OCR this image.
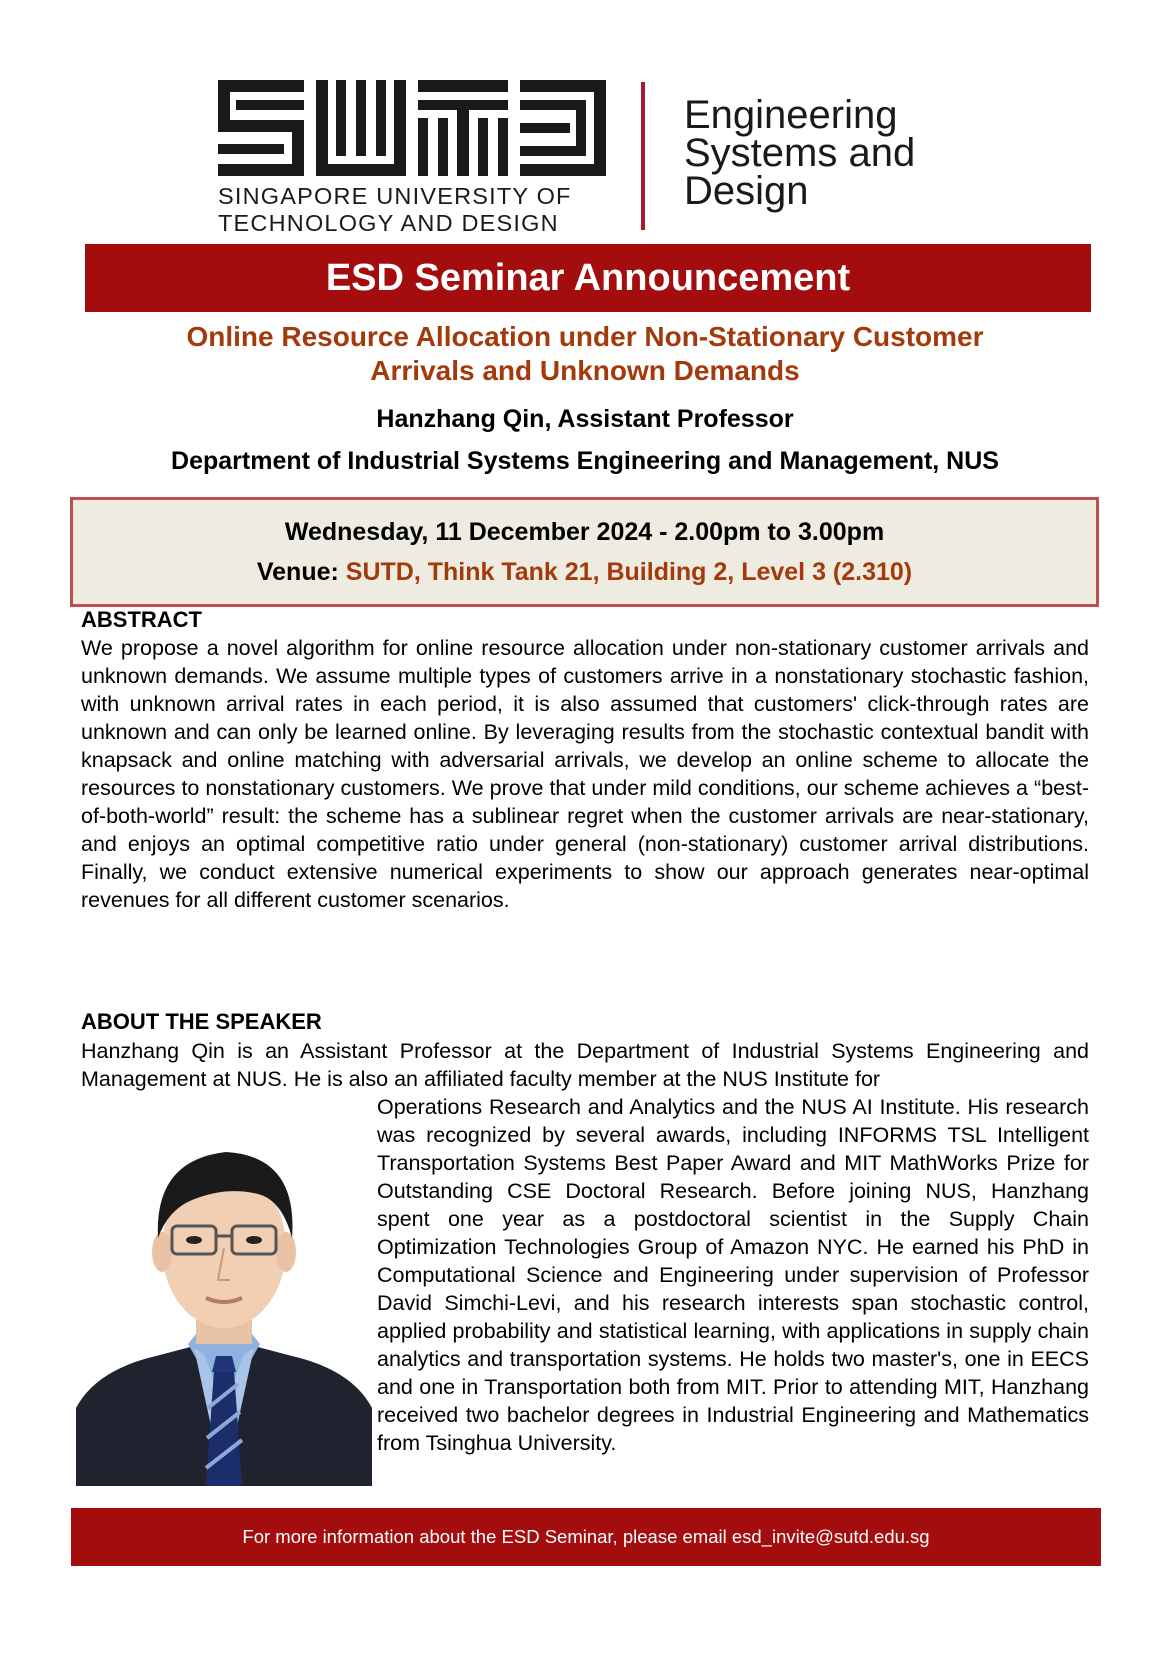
SINGAPORE UNIVERSITY OF
TECHNOLOGY AND DESIGN
Engineering
Systems and
Design
ESD Seminar Announcement
Online Resource Allocation under Non-Stationary Customer
Arrivals and Unknown Demands
Hanzhang Qin, Assistant Professor
Department of Industrial Systems Engineering and Management, NUS
Wednesday, 11 December 2024 - 2.00pm to 3.00pm
Venue: SUTD, Think Tank 21, Building 2, Level 3 (2.310)
ABSTRACT

We propose a novel algorithm for online resource allocation under non-stationary customer arrivals and unknown demands. We assume multiple types of customers arrive in a nonstationary stochastic fashion, with unknown arrival rates in each period, it is also assumed that customers' click-through rates are unknown and can only be learned online. By leveraging results from the stochastic contextual bandit with knapsack and online matching with adversarial arrivals, we develop an online scheme to allocate the resources to nonstationary customers. We prove that under mild conditions, our scheme achieves a “best-of-both-world” result: the scheme has a sublinear regret when the customer arrivals are near-stationary, and enjoys an optimal competitive ratio under general (non-stationary) customer arrival distributions. Finally, we conduct extensive numerical experiments to show our approach generates near-optimal revenues for all different customer scenarios.

ABOUT THE SPEAKER

Hanzhang Qin is an Assistant Professor at the Department of Industrial Systems Engineering and Management at NUS. He is also an affiliated faculty member at the NUS Institute for

Operations Research and Analytics and the NUS AI Institute. His research was recognized by several awards, including INFORMS TSL Intelligent Transportation Systems Best Paper Award and MIT MathWorks Prize for Outstanding CSE Doctoral Research. Before joining NUS, Hanzhang spent one year as a postdoctoral scientist in the Supply Chain Optimization Technologies Group of Amazon NYC. He earned his PhD in Computational Science and Engineering under supervision of Professor David Simchi-Levi, and his research interests span stochastic control, applied probability and statistical learning, with applications in supply chain analytics and transportation systems. He holds two master's, one in EECS and one in Transportation both from MIT. Prior to attending MIT, Hanzhang received two bachelor degrees in Industrial Engineering and Mathematics from Tsinghua University.

For more information about the ESD Seminar, please email esd_invite@sutd.edu.sg
